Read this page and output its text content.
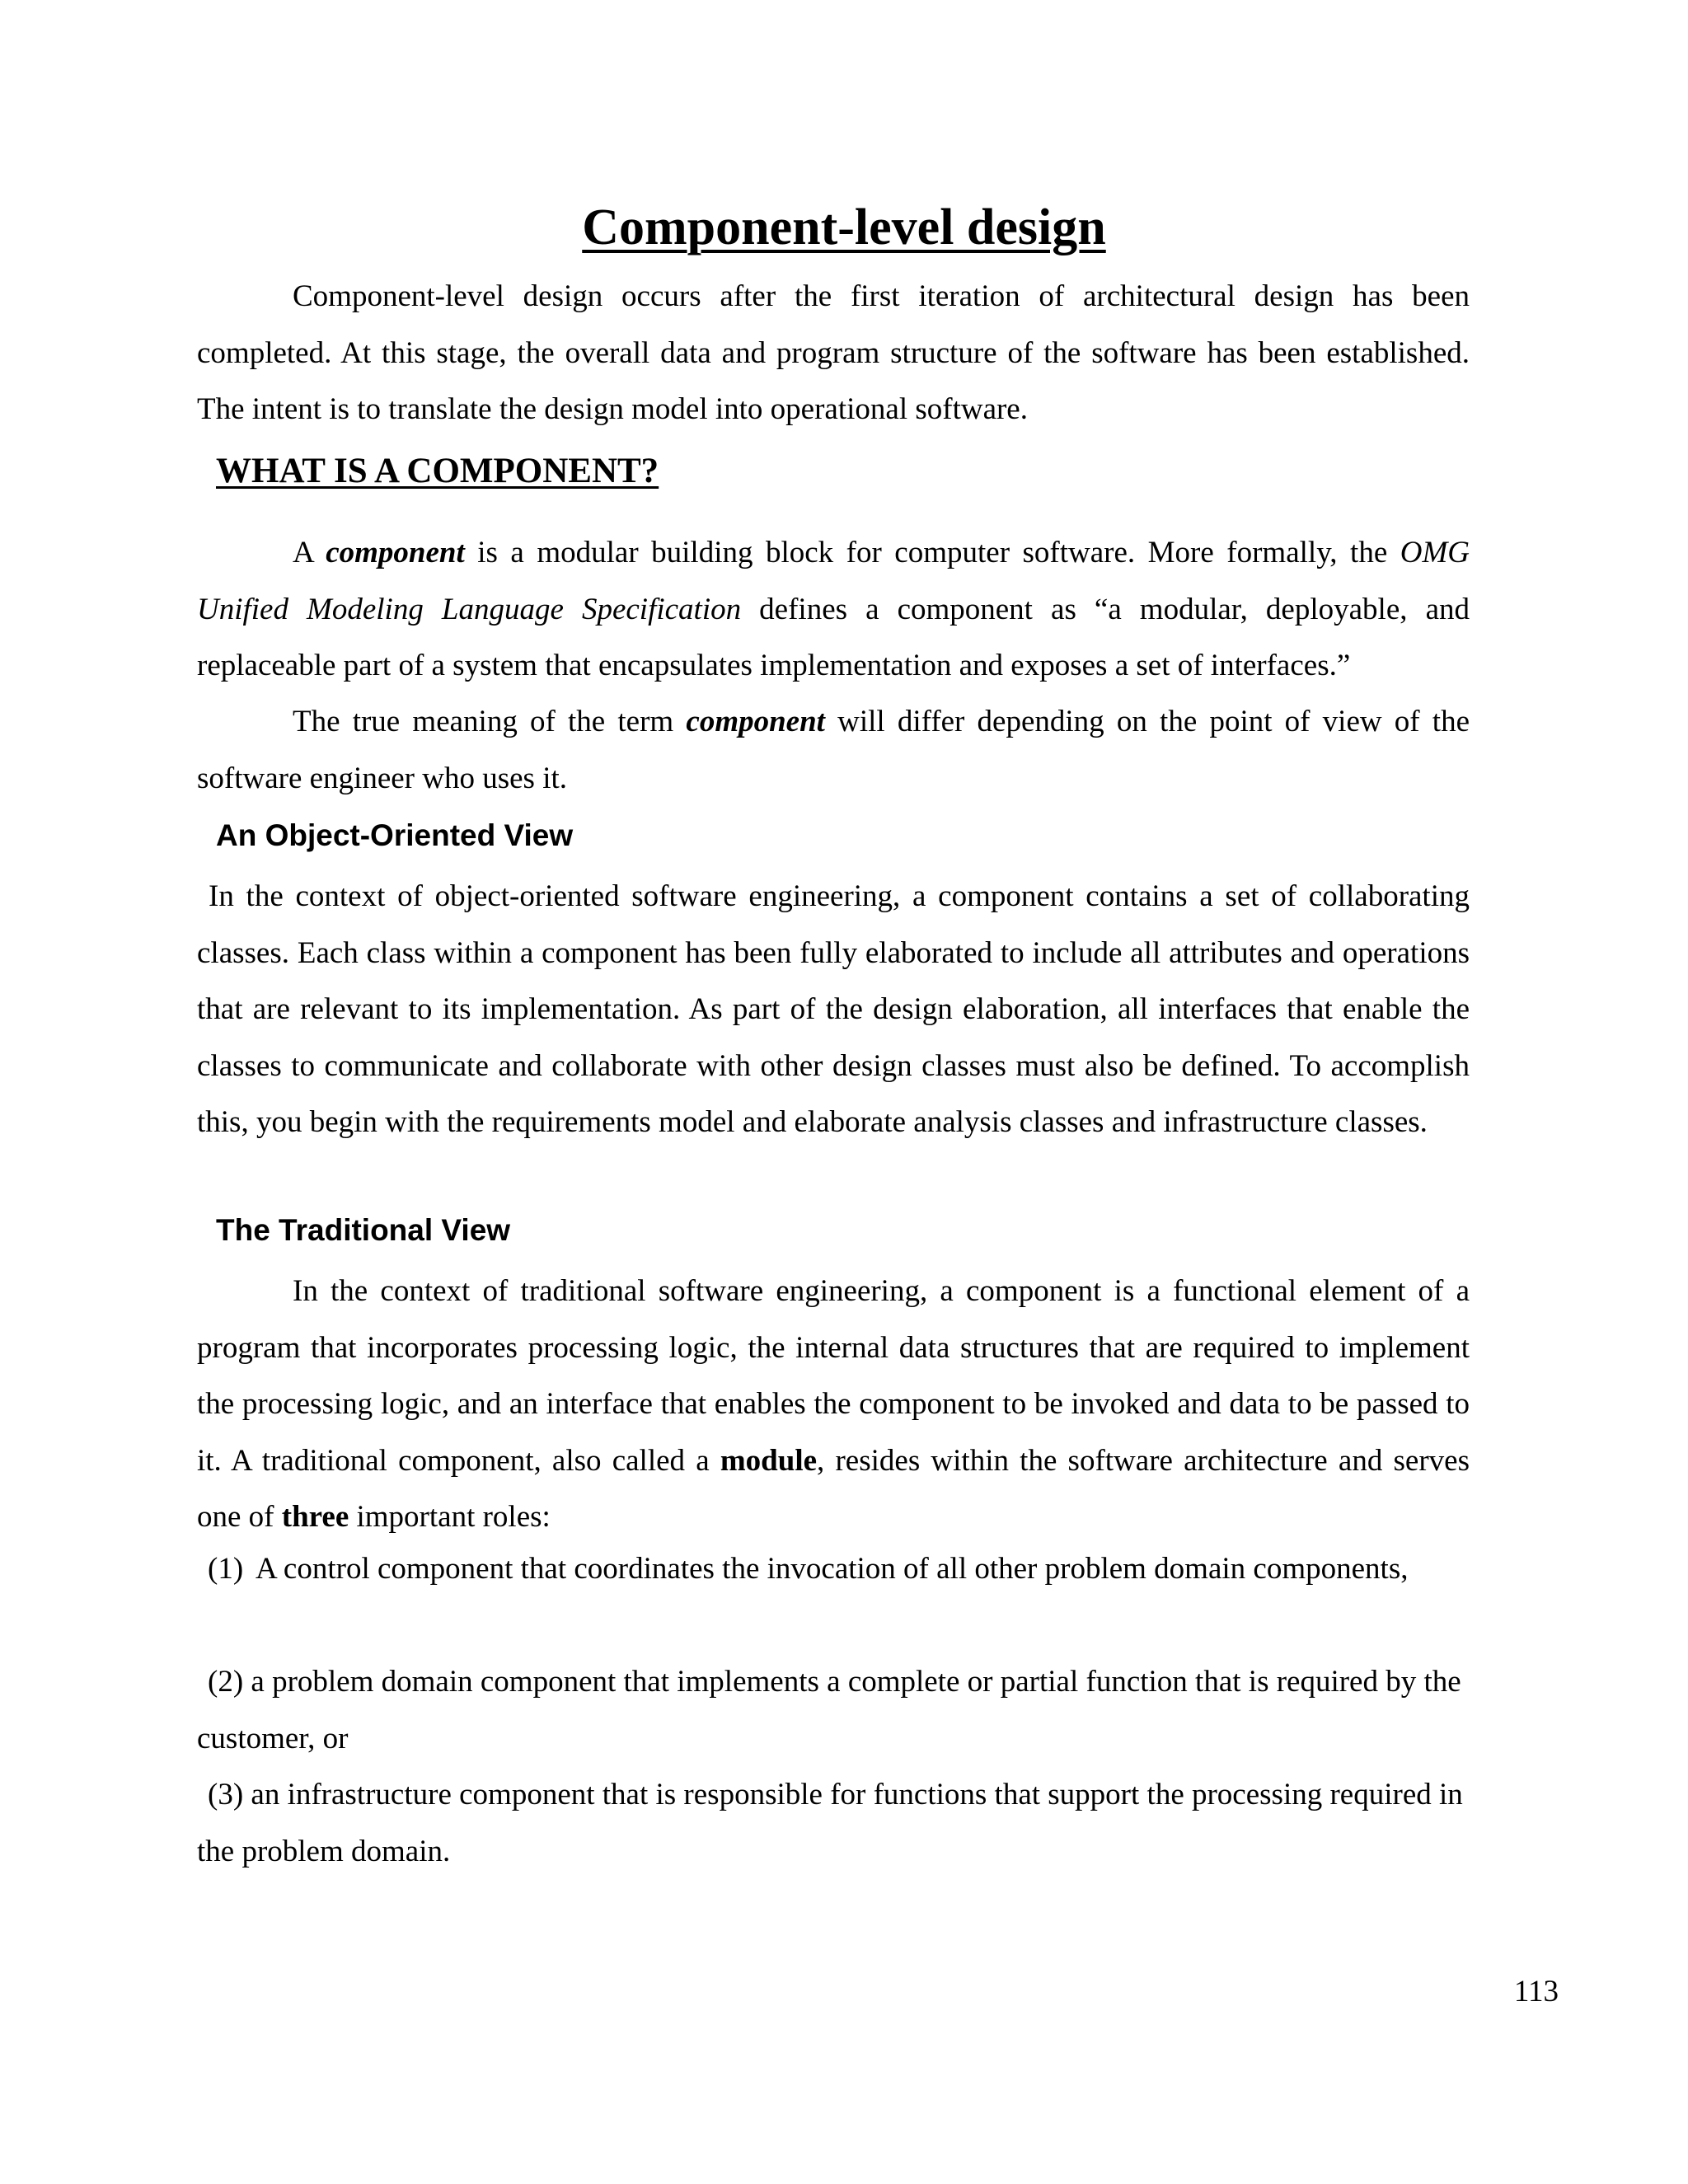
Component-level design

Component-level design occurs after the first iteration of architectural design has been completed. At this stage, the overall data and program structure of the software has been established. The intent is to translate the design model into operational software.

WHAT IS A COMPONENT?

A component is a modular building block for computer software. More formally, the OMG Unified Modeling Language Specification defines a component as “a modular, deployable, and replaceable part of a system that encapsulates implementation and exposes a set of interfaces.”

The true meaning of the term component will differ depending on the point of view of the software engineer who uses it.

An Object-Oriented View

In the context of object-oriented software engineering, a component contains a set of collaborating classes. Each class within a component has been fully elaborated to include all attributes and operations that are relevant to its implementation. As part of the design elaboration, all interfaces that enable the classes to communicate and collaborate with other design classes must also be defined. To accomplish this, you begin with the requirements model and elaborate analysis classes and infrastructure classes.

The Traditional View

In the context of traditional software engineering, a component is a functional element of a program that incorporates processing logic, the internal data structures that are required to implement the processing logic, and an interface that enables the component to be invoked and data to be passed to it. A traditional component, also called a module, resides within the software architecture and serves one of three important roles:

(1) A control component that coordinates the invocation of all other problem domain components,
(2) a problem domain component that implements a complete or partial function that is required by the customer, or
(3) an infrastructure component that is responsible for functions that support the processing required in the problem domain.

113
